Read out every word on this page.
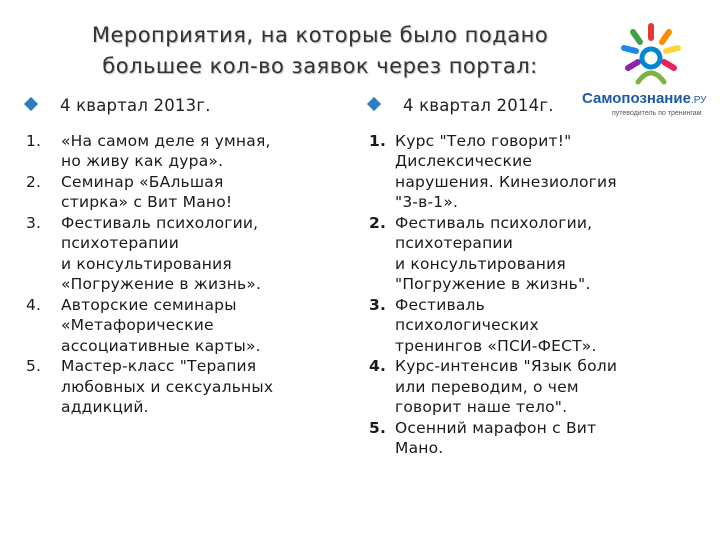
Мероприятия, на которые было подано
большее кол-во заявок через портал:
Самопознание.РУ
путеводитель по тренингам
4 квартал 2013г.
1. «На самом деле я умная,
но живу как дура».
2. Семинар «БАльшая
стирка» с Вит Мано!
3. Фестиваль психологии,
психотерапии
и консультирования
«Погружение в жизнь».
4. Авторские семинары
«Метафорические
ассоциативные карты».
5. Мастер-класс "Терапия
любовных и сексуальных
аддикций.
4 квартал 2014г.
1. Курс "Тело говорит!"
Дислексические
нарушения. Кинезиология
"3-в-1».
2. Фестиваль психологии,
психотерапии
и консультирования
"Погружение в жизнь".
3. Фестиваль
психологических
тренингов «ПСИ-ФЕСТ».
4. Курс-интенсив "Язык боли
или переводим, о чем
говорит наше тело".
5. Осенний марафон с Вит
Мано.
